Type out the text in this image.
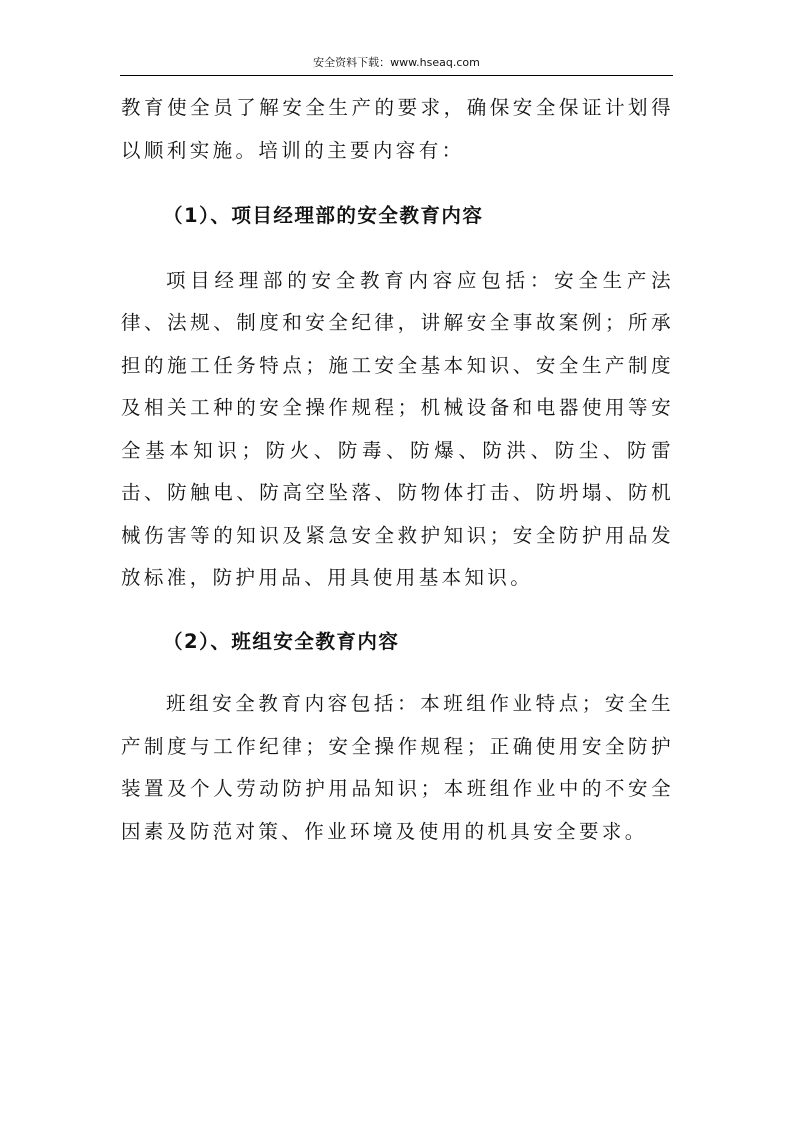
安全资料下载：www.hseaq.com

教育使全员了解安全生产的要求，确保安全保证计划得以顺利实施。培训的主要内容有：

（1）、项目经理部的安全教育内容

项目经理部的安全教育内容应包括：安全生产法律、法规、制度和安全纪律，讲解安全事故案例；所承担的施工任务特点；施工安全基本知识、安全生产制度及相关工种的安全操作规程；机械设备和电器使用等安全基本知识；防火、防毒、防爆、防洪、防尘、防雷击、防触电、防高空坠落、防物体打击、防坍塌、防机械伤害等的知识及紧急安全救护知识；安全防护用品发放标准，防护用品、用具使用基本知识。

（2）、班组安全教育内容

班组安全教育内容包括：本班组作业特点；安全生产制度与工作纪律；安全操作规程；正确使用安全防护装置及个人劳动防护用品知识；本班组作业中的不安全因素及防范对策、作业环境及使用的机具安全要求。
